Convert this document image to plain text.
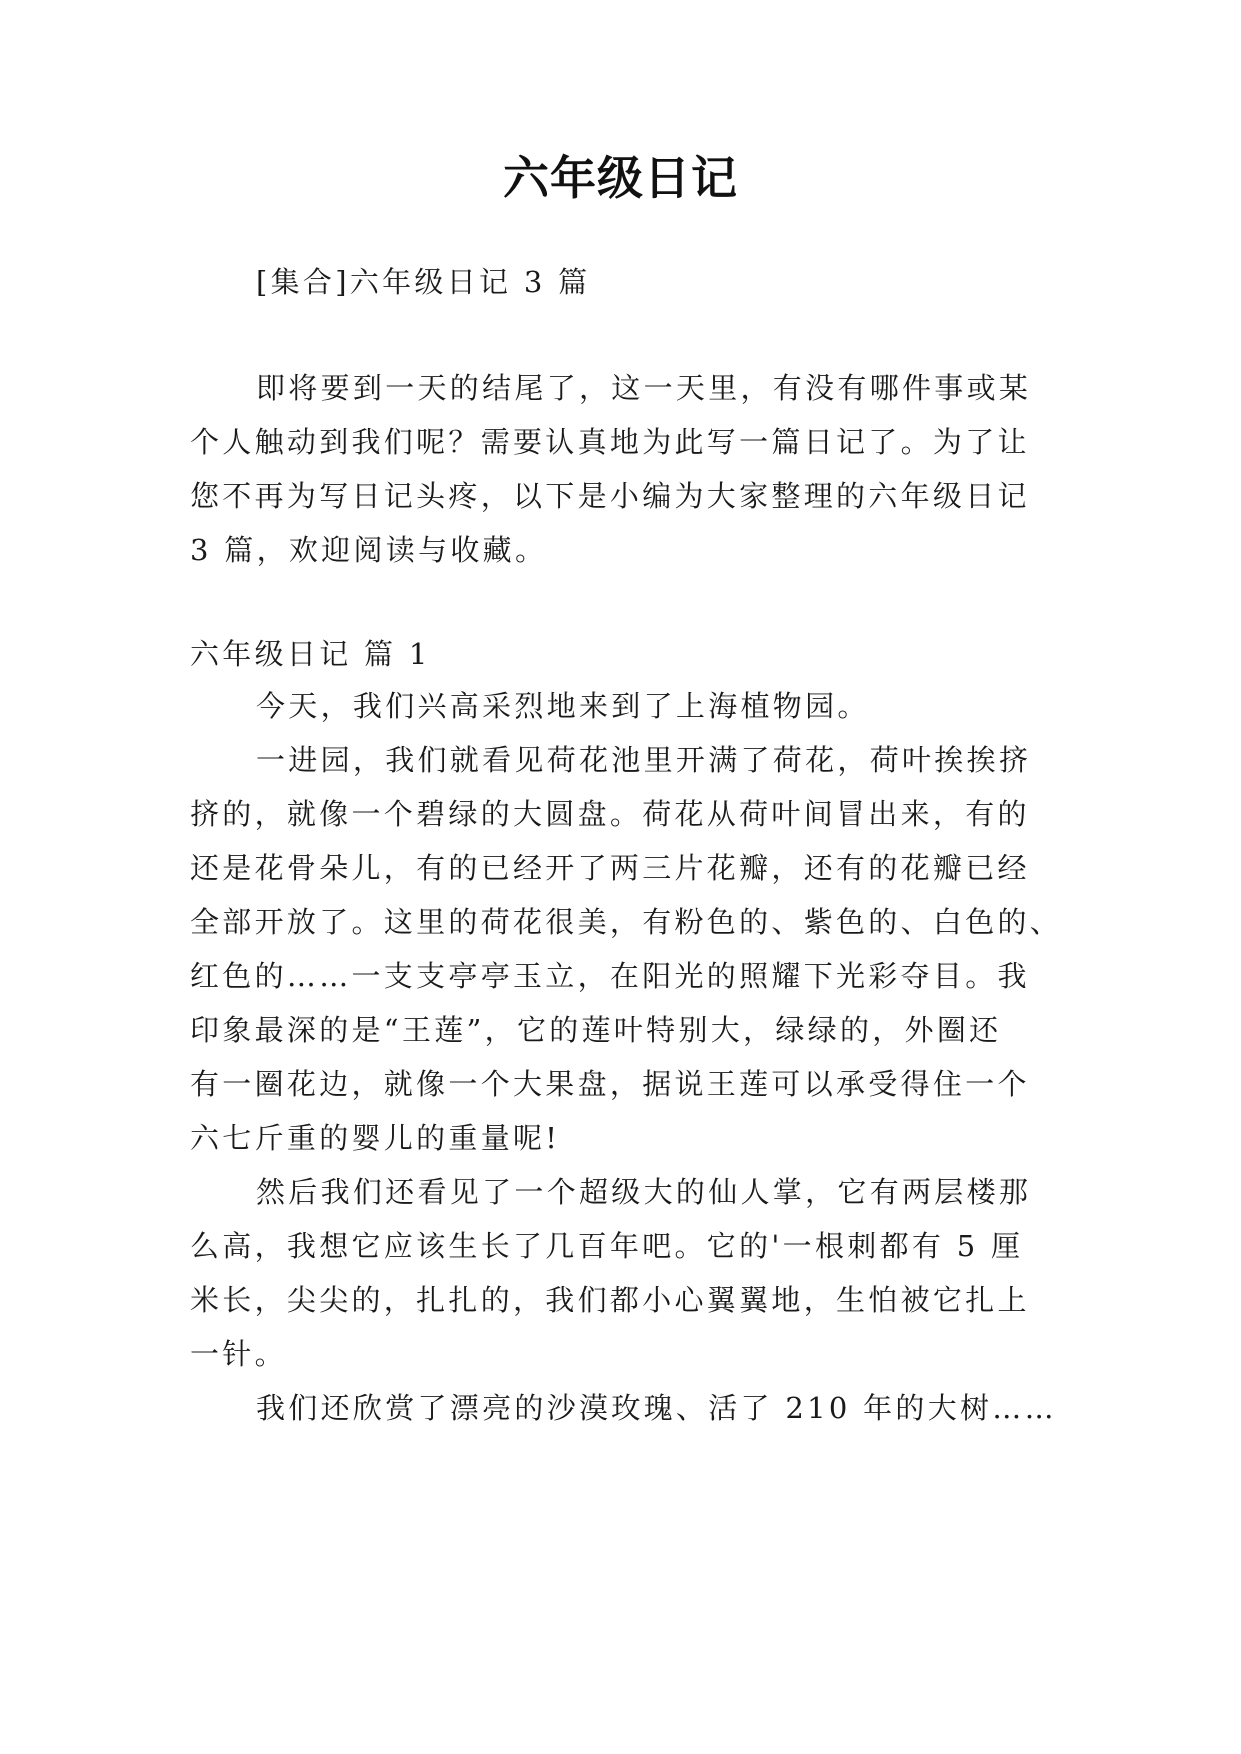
六年级日记

[集合]六年级日记 3 篇

即将要到一天的结尾了，这一天里，有没有哪件事或某

个人触动到我们呢？需要认真地为此写一篇日记了。为了让

您不再为写日记头疼，以下是小编为大家整理的六年级日记

3 篇，欢迎阅读与收藏。

六年级日记 篇 1

今天，我们兴高采烈地来到了上海植物园。

一进园，我们就看见荷花池里开满了荷花，荷叶挨挨挤

挤的，就像一个碧绿的大圆盘。荷花从荷叶间冒出来，有的

还是花骨朵儿，有的已经开了两三片花瓣，还有的花瓣已经

全部开放了。这里的荷花很美，有粉色的、紫色的、白色的、

红色的……一支支亭亭玉立，在阳光的照耀下光彩夺目。我

印象最深的是“王莲”，它的莲叶特别大，绿绿的，外圈还

有一圈花边，就像一个大果盘，据说王莲可以承受得住一个

六七斤重的婴儿的重量呢!

然后我们还看见了一个超级大的仙人掌，它有两层楼那

么高，我想它应该生长了几百年吧。它的'一根刺都有 5 厘

米长，尖尖的，扎扎的，我们都小心翼翼地，生怕被它扎上

一针。

我们还欣赏了漂亮的沙漠玫瑰、活了 210 年的大树……
